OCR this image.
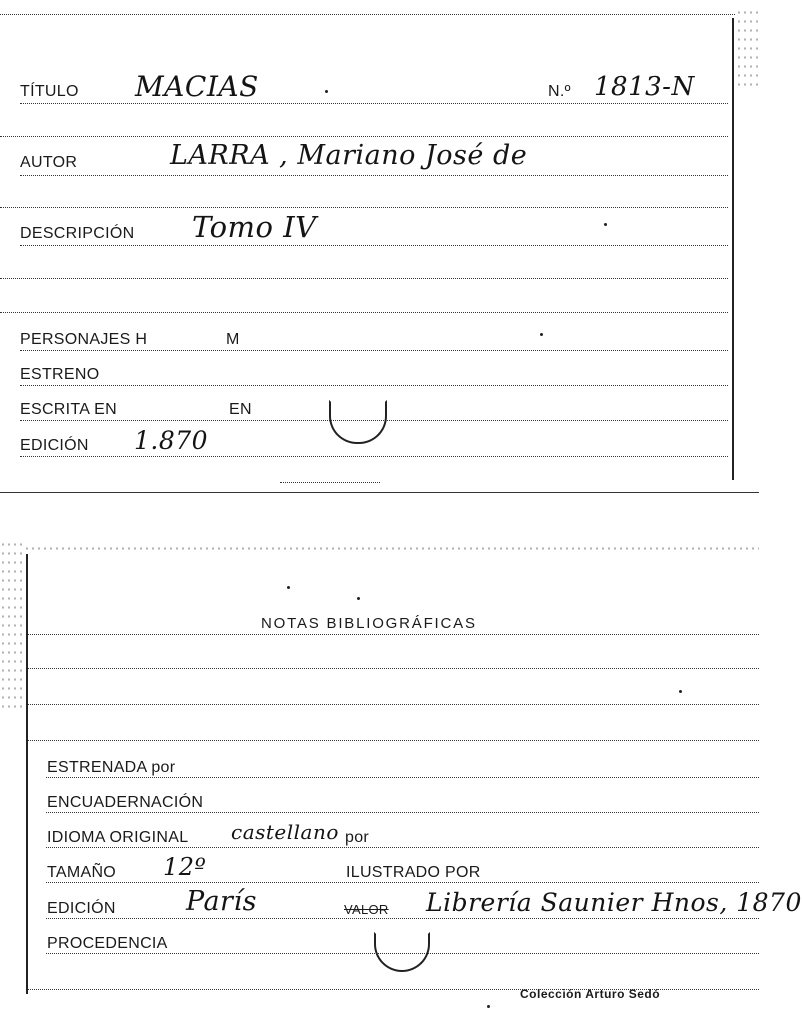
TÍTULO MACIAS	N.º 1813-N
AUTOR	LARRA , Mariano José de
DESCRIPCIÓN Tomo IV
PERSONAJES H	M
ESTRENO
ESCRITA EN	EN
EDICIÓN 1.870
NOTAS BIBLIOGRÁFICAS
ESTRENADA por
ENCUADERNACIÓN
IDIOMA ORIGINAL castellano por
TAMAÑO 12º	ILUSTRADO POR
EDICIÓN	París	VALOR Librería Saunier Hnos, 1870
PROCEDENCIA
Colección Arturo Sedó
